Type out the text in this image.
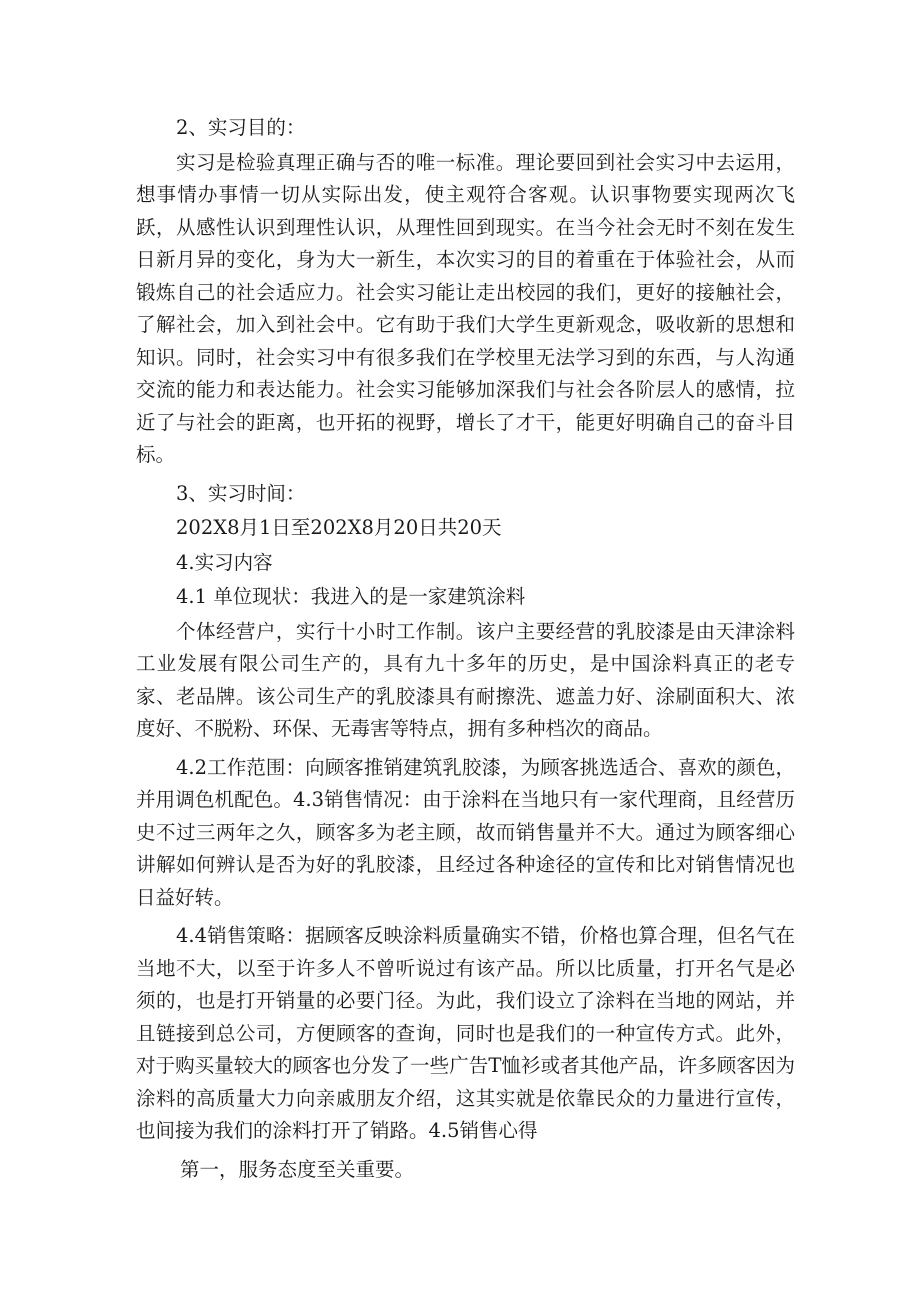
2、实习目的：

实习是检验真理正确与否的唯一标准。理论要回到社会实习中去运用，想事情办事情一切从实际出发，使主观符合客观。认识事物要实现两次飞跃，从感性认识到理性认识，从理性回到现实。在当今社会无时不刻在发生日新月异的变化，身为大一新生，本次实习的目的着重在于体验社会，从而锻炼自己的社会适应力。社会实习能让走出校园的我们，更好的接触社会，了解社会，加入到社会中。它有助于我们大学生更新观念，吸收新的思想和知识。同时，社会实习中有很多我们在学校里无法学习到的东西，与人沟通交流的能力和表达能力。社会实习能够加深我们与社会各阶层人的感情，拉近了与社会的距离，也开拓的视野，增长了才干，能更好明确自己的奋斗目标。

3、实习时间：

202X8月1日至202X8月20日共20天

4.实习内容

4.1 单位现状：我进入的是一家建筑涂料

个体经营户，实行十小时工作制。该户主要经营的乳胶漆是由天津涂料工业发展有限公司生产的，具有九十多年的历史，是中国涂料真正的老专家、老品牌。该公司生产的乳胶漆具有耐擦洗、遮盖力好、涂刷面积大、浓度好、不脱粉、环保、无毒害等特点，拥有多种档次的商品。

4.2工作范围：向顾客推销建筑乳胶漆，为顾客挑选适合、喜欢的颜色，并用调色机配色。4.3销售情况：由于涂料在当地只有一家代理商，且经营历史不过三两年之久，顾客多为老主顾，故而销售量并不大。通过为顾客细心讲解如何辨认是否为好的乳胶漆，且经过各种途径的宣传和比对销售情况也日益好转。

4.4销售策略：据顾客反映涂料质量确实不错，价格也算合理，但名气在当地不大，以至于许多人不曾听说过有该产品。所以比质量，打开名气是必须的，也是打开销量的必要门径。为此，我们设立了涂料在当地的网站，并且链接到总公司，方便顾客的查询，同时也是我们的一种宣传方式。此外，对于购买量较大的顾客也分发了一些广告T恤衫或者其他产品，许多顾客因为涂料的高质量大力向亲戚朋友介绍，这其实就是依靠民众的力量进行宣传，也间接为我们的涂料打开了销路。4.5销售心得

第一，服务态度至关重要。
